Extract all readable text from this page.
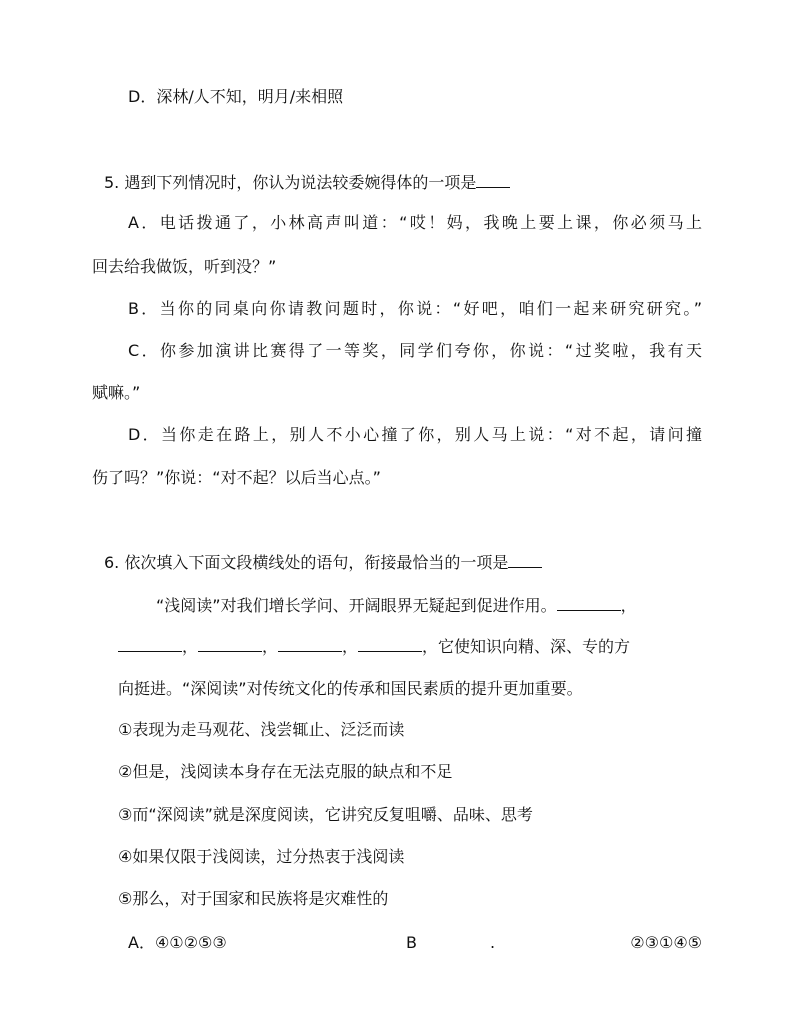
D．深林/人不知，明月/来相照
5. 遇到下列情况时，你认为说法较委婉得体的一项是
A．电话拨通了，小林高声叫道：“哎！妈，我晚上要上课，你必须马上
回去给我做饭，听到没？”
B．当你的同桌向你请教问题时，你说：“好吧，咱们一起来研究研究。”
C．你参加演讲比赛得了一等奖，同学们夸你，你说：“过奖啦，我有天
赋嘛。”
D．当你走在路上，别人不小心撞了你，别人马上说：“对不起，请问撞
伤了吗？”你说：“对不起？以后当心点。”
6. 依次填入下面文段横线处的语句，衔接最恰当的一项是
“浅阅读”对我们增长学问、开阔眼界无疑起到促进作用。	，
，	，	，	，它使知识向精、深、专的方
向挺进。“深阅读”对传统文化的传承和国民素质的提升更加重要。
①表现为走马观花、浅尝辄止、泛泛而读
②但是，浅阅读本身存在无法克服的缺点和不足
③而“深阅读”就是深度阅读，它讲究反复咀嚼、品味、思考
④如果仅限于浅阅读，过分热衷于浅阅读
⑤那么，对于国家和民族将是灾难性的
A．④①②⑤③	B	.	②③①④⑤
